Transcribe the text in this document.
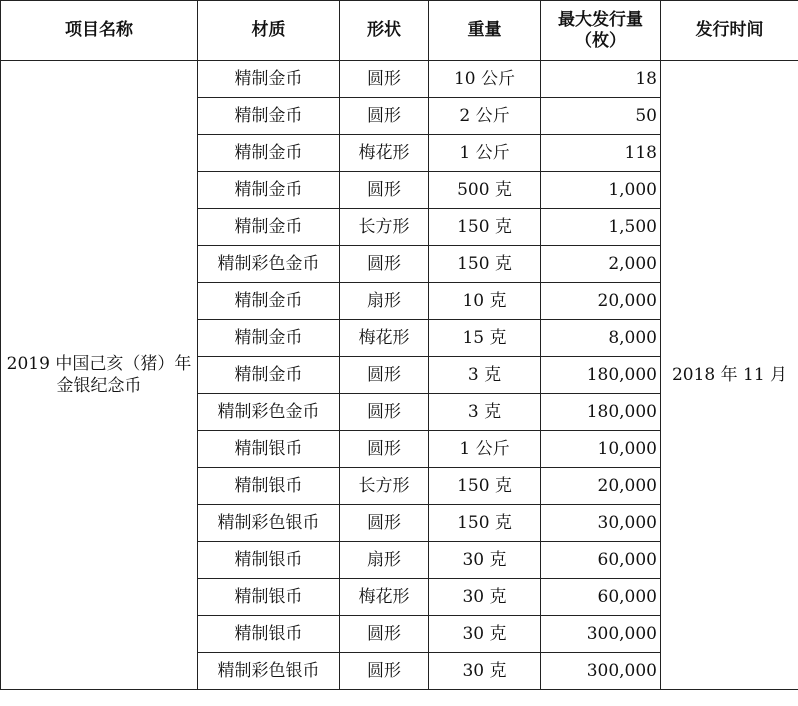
项目名称	材质	形状	重量	最大发行量（枚）	发行时间
2019 中国己亥（猪）年金银纪念币	精制金币	圆形	10 公斤	18	2018 年 11 月
	精制金币	圆形	2 公斤	50	
	精制金币	梅花形	1 公斤	118	
	精制金币	圆形	500 克	1,000	
	精制金币	长方形	150 克	1,500	
	精制彩色金币	圆形	150 克	2,000	
	精制金币	扇形	10 克	20,000	
	精制金币	梅花形	15 克	8,000	
	精制金币	圆形	3 克	180,000	
	精制彩色金币	圆形	3 克	180,000	
	精制银币	圆形	1 公斤	10,000	
	精制银币	长方形	150 克	20,000	
	精制彩色银币	圆形	150 克	30,000	
	精制银币	扇形	30 克	60,000	
	精制银币	梅花形	30 克	60,000	
	精制银币	圆形	30 克	300,000	
	精制彩色银币	圆形	30 克	300,000	
